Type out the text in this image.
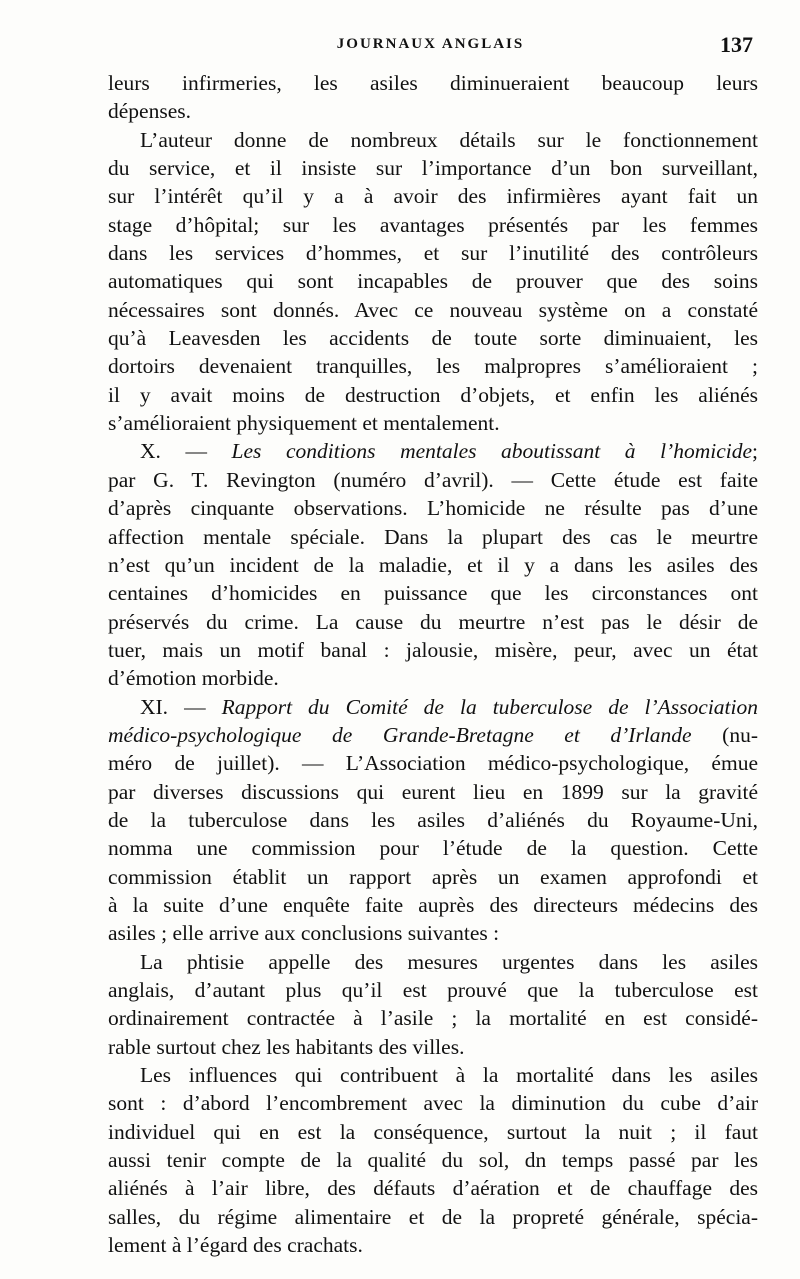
JOURNAUX ANGLAIS	137
leurs infirmeries, les asiles diminueraient beaucoup leurs
dépenses.
L’auteur donne de nombreux détails sur le fonctionnement
du service, et il insiste sur l’importance d’un bon surveillant,
sur l’intérêt qu’il y a à avoir des infirmières ayant fait un
stage d’hôpital; sur les avantages présentés par les femmes
dans les services d’hommes, et sur l’inutilité des contrôleurs
automatiques qui sont incapables de prouver que des soins
nécessaires sont donnés. Avec ce nouveau système on a constaté
qu’à Leavesden les accidents de toute sorte diminuaient, les
dortoirs devenaient tranquilles, les malpropres s’amélioraient ;
il y avait moins de destruction d’objets, et enfin les aliénés
s’amélioraient physiquement et mentalement.
X. — Les conditions mentales aboutissant à l’homicide;
par G. T. Revington (numéro d’avril). — Cette étude est faite
d’après cinquante observations. L’homicide ne résulte pas d’une
affection mentale spéciale. Dans la plupart des cas le meurtre
n’est qu’un incident de la maladie, et il y a dans les asiles des
centaines d’homicides en puissance que les circonstances ont
préservés du crime. La cause du meurtre n’est pas le désir de
tuer, mais un motif banal : jalousie, misère, peur, avec un état
d’émotion morbide.
XI. — Rapport du Comité de la tuberculose de l’Association
médico-psychologique de Grande-Bretagne et d’Irlande (nu-
méro de juillet). — L’Association médico-psychologique, émue
par diverses discussions qui eurent lieu en 1899 sur la gravité
de la tuberculose dans les asiles d’aliénés du Royaume-Uni,
nomma une commission pour l’étude de la question. Cette
commission établit un rapport après un examen approfondi et
à la suite d’une enquête faite auprès des directeurs médecins des
asiles ; elle arrive aux conclusions suivantes :
La phtisie appelle des mesures urgentes dans les asiles
anglais, d’autant plus qu’il est prouvé que la tuberculose est
ordinairement contractée à l’asile ; la mortalité en est considé-
rable surtout chez les habitants des villes.
Les influences qui contribuent à la mortalité dans les asiles
sont : d’abord l’encombrement avec la diminution du cube d’air
individuel qui en est la conséquence, surtout la nuit ; il faut
aussi tenir compte de la qualité du sol, dn temps passé par les
aliénés à l’air libre, des défauts d’aération et de chauffage des
salles, du régime alimentaire et de la propreté générale, spécia-
lement à l’égard des crachats.
